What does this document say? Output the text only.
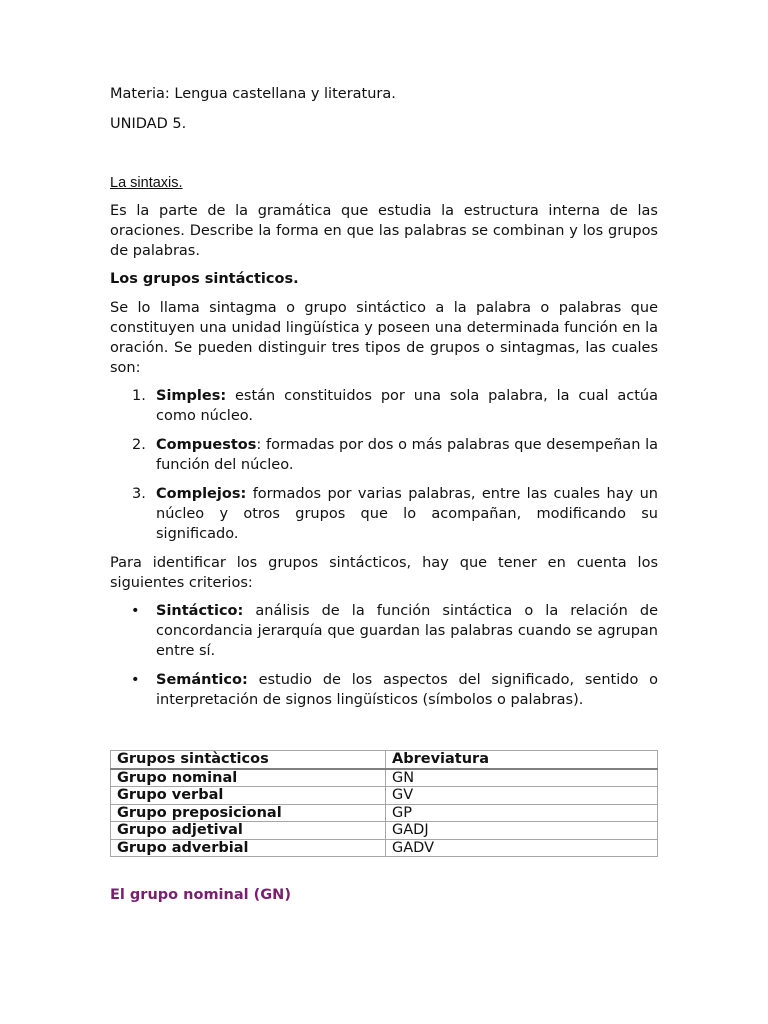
Materia: Lengua castellana y literatura.

UNIDAD 5.

La sintaxis.

Es la parte de la gramática que estudia la estructura interna de las oraciones. Describe la forma en que las palabras se combinan y los grupos de palabras.

Los grupos sintácticos.

Se lo llama sintagma o grupo sintáctico a la palabra o palabras que constituyen una unidad lingüística y poseen una determinada función en la oración. Se pueden distinguir tres tipos de grupos o sintagmas, las cuales son:

1. Simples: están constituidos por una sola palabra, la cual actúa como núcleo.

2. Compuestos: formadas por dos o más palabras que desempeñan la función del núcleo.

3. Complejos: formados por varias palabras, entre las cuales hay un núcleo y otros grupos que lo acompañan, modificando su significado.

Para identificar los grupos sintácticos, hay que tener en cuenta los siguientes criterios:

• Sintáctico: análisis de la función sintáctica o la relación de concordancia jerarquía que guardan las palabras cuando se agrupan entre sí.

• Semántico: estudio de los aspectos del significado, sentido o interpretación de signos lingüísticos (símbolos o palabras).

Grupos sintàcticos	Abreviatura
Grupo nominal	GN
Grupo verbal	GV
Grupo preposicional	GP
Grupo adjetival	GADJ
Grupo adverbial	GADV

El grupo nominal (GN)
